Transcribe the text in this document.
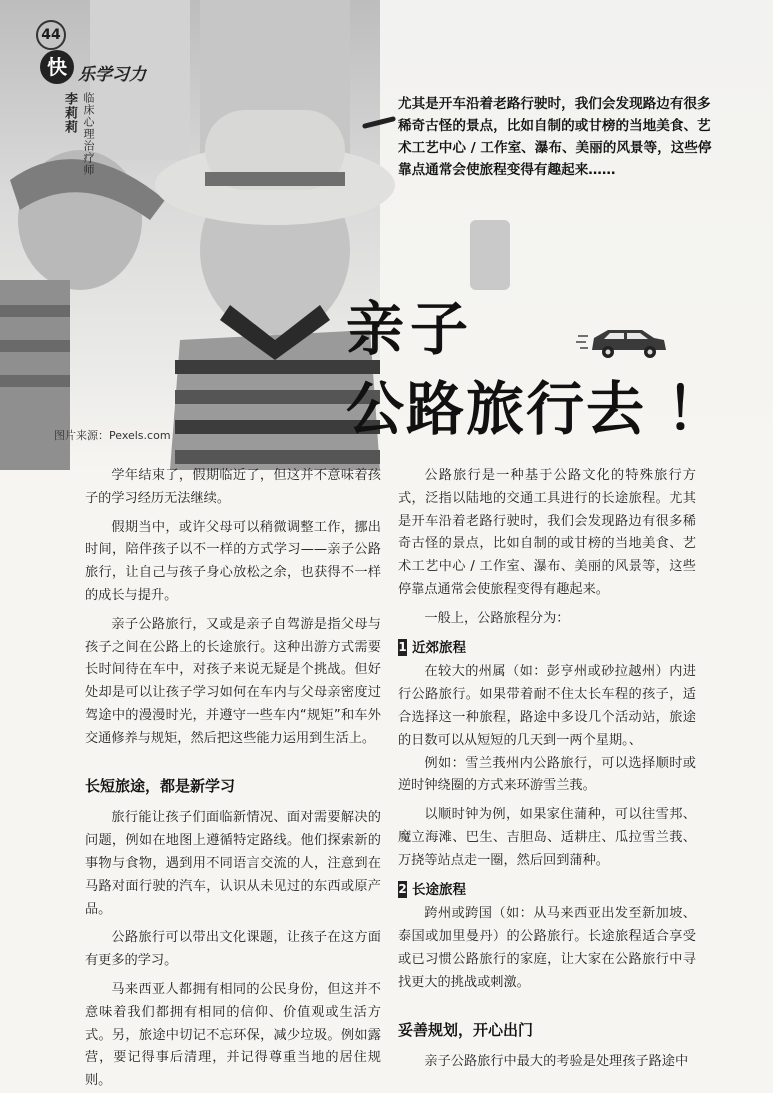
44
快 乐学习力
李莉莉 临床心理治疗师	尤其是开车沿着老路行驶时，我们会发现路边有很多稀奇古怪的景点，比如自制的或甘榜的当地美食、艺术工艺中心 / 工作室、瀑布、美丽的风景等，这些停靠点通常会使旅程变得有趣起来……
亲子
公路旅行去 ！
图片来源：Pexels.com

学年结束了，假期临近了，但这并不意味着孩子的学习经历无法继续。

假期当中，或许父母可以稍微调整工作，挪出时间，陪伴孩子以不一样的方式学习——亲子公路旅行，让自己与孩子身心放松之余，也获得不一样的成长与提升。

亲子公路旅行，又或是亲子自驾游是指父母与孩子之间在公路上的长途旅行。这种出游方式需要长时间待在车中，对孩子来说无疑是个挑战。但好处却是可以让孩子学习如何在车内与父母亲密度过驾途中的漫漫时光，并遵守一些车内“规矩”和车外交通修养与规矩，然后把这些能力运用到生活上。

长短旅途，都是新学习

旅行能让孩子们面临新情况、面对需要解决的问题，例如在地图上遵循特定路线。他们探索新的事物与食物，遇到用不同语言交流的人，注意到在马路对面行驶的汽车，认识从未见过的东西或原产品。

公路旅行可以带出文化课题，让孩子在这方面有更多的学习。

马来西亚人都拥有相同的公民身份，但这并不意味着我们都拥有相同的信仰、价值观或生活方式。另，旅途中切记不忘环保，减少垃圾。例如露营，要记得事后清理，并记得尊重当地的居住规则。

公路旅行是一种基于公路文化的特殊旅行方式，泛指以陆地的交通工具进行的长途旅程。尤其是开车沿着老路行驶时，我们会发现路边有很多稀奇古怪的景点，比如自制的或甘榜的当地美食、艺术工艺中心 / 工作室、瀑布、美丽的风景等，这些停靠点通常会使旅程变得有趣起来。

一般上，公路旅程分为：

1 近郊旅程

在较大的州属（如：彭亨州或砂拉越州）内进行公路旅行。如果带着耐不住太长车程的孩子，适合选择这一种旅程，路途中多设几个活动站，旅途的日数可以从短短的几天到一两个星期。、

例如：雪兰莪州内公路旅行，可以选择顺时或逆时钟绕圈的方式来环游雪兰莪。

以顺时钟为例，如果家住蒲种，可以往雪邦、魔立海滩、巴生、吉胆岛、适耕庄、瓜拉雪兰莪、万挠等站点走一圈，然后回到蒲种。

2 长途旅程

跨州或跨国（如：从马来西亚出发至新加坡、泰国或加里曼丹）的公路旅行。长途旅程适合享受或已习惯公路旅行的家庭，让大家在公路旅行中寻找更大的挑战或刺激。

妥善规划，开心出门

亲子公路旅行中最大的考验是处理孩子路途中
